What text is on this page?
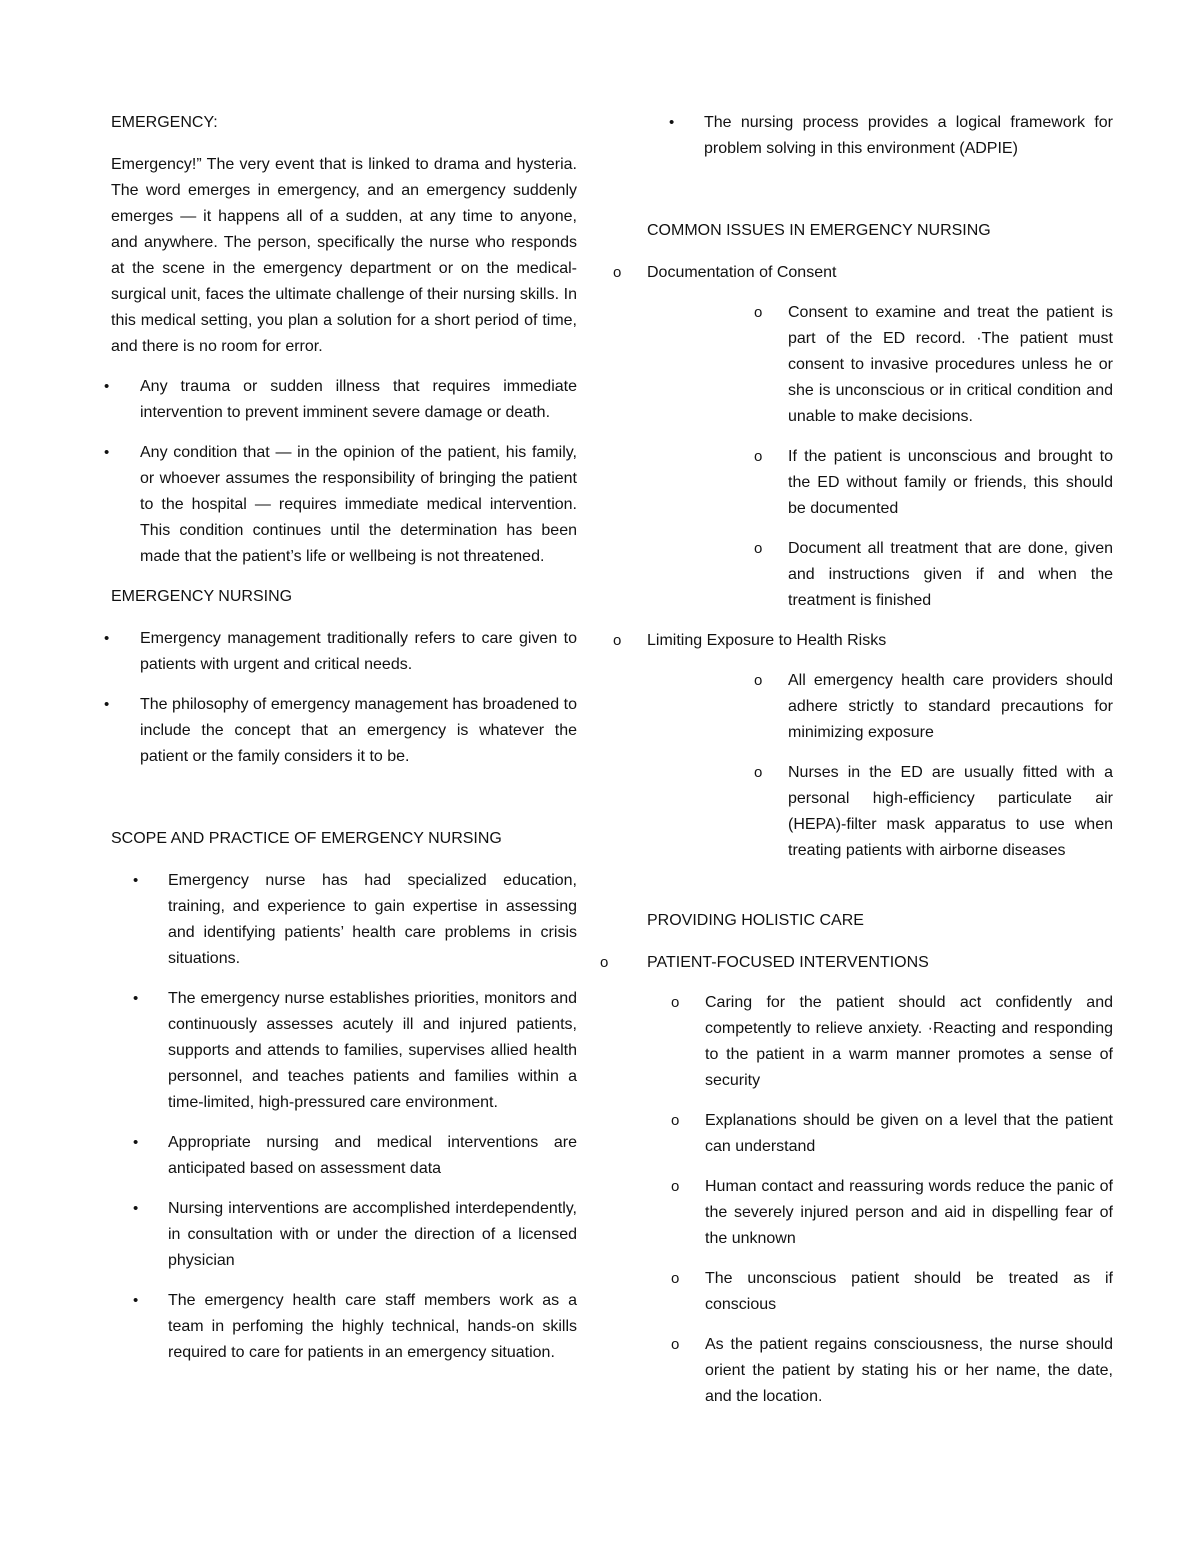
EMERGENCY:

Emergency!” The very event that is linked to drama and hysteria. The word emerges in emergency, and an emergency suddenly emerges — it happens all of a sudden, at any time to anyone, and anywhere. The person, specifically the nurse who responds at the scene in the emergency department or on the medical-surgical unit, faces the ultimate challenge of their nursing skills. In this medical setting, you plan a solution for a short period of time, and there is no room for error.

• Any trauma or sudden illness that requires immediate intervention to prevent imminent severe damage or death.
• Any condition that — in the opinion of the patient, his family, or whoever assumes the responsibility of bringing the patient to the hospital — requires immediate medical intervention. This condition continues until the determination has been made that the patient’s life or wellbeing is not threatened.
EMERGENCY NURSING
• Emergency management traditionally refers to care given to patients with urgent and critical needs.
• The philosophy of emergency management has broadened to include the concept that an emergency is whatever the patient or the family considers it to be.
SCOPE AND PRACTICE OF EMERGENCY NURSING
• Emergency nurse has had specialized education, training, and experience to gain expertise in assessing and identifying patients’ health care problems in crisis situations.
• The emergency nurse establishes priorities, monitors and continuously assesses acutely ill and injured patients, supports and attends to families, supervises allied health personnel, and teaches patients and families within a time-limited, high-pressured care environment.
• Appropriate nursing and medical interventions are anticipated based on assessment data
• Nursing interventions are accomplished interdependently, in consultation with or under the direction of a licensed physician
• The emergency health care staff members work as a team in perfoming the highly technical, hands-on skills required to care for patients in an emergency situation.
• The nursing process provides a logical framework for problem solving in this environment (ADPIE)
COMMON ISSUES IN EMERGENCY NURSING
o Documentation of Consent
o Consent to examine and treat the patient is part of the ED record. ·The patient must consent to invasive procedures unless he or she is unconscious or in critical condition and unable to make decisions.
o If the patient is unconscious and brought to the ED without family or friends, this should be documented
o Document all treatment that are done, given and instructions given if and when the treatment is finished
o Limiting Exposure to Health Risks
o All emergency health care providers should adhere strictly to standard precautions for minimizing exposure
o Nurses in the ED are usually fitted with a personal high-efficiency particulate air (HEPA)-filter mask apparatus to use when treating patients with airborne diseases
PROVIDING HOLISTIC CARE
o PATIENT-FOCUSED INTERVENTIONS
o Caring for the patient should act confidently and competently to relieve anxiety. ·Reacting and responding to the patient in a warm manner promotes a sense of security
o Explanations should be given on a level that the patient can understand
o Human contact and reassuring words reduce the panic of the severely injured person and aid in dispelling fear of the unknown
o The unconscious patient should be treated as if conscious
o As the patient regains consciousness, the nurse should orient the patient by stating his or her name, the date, and the location.
